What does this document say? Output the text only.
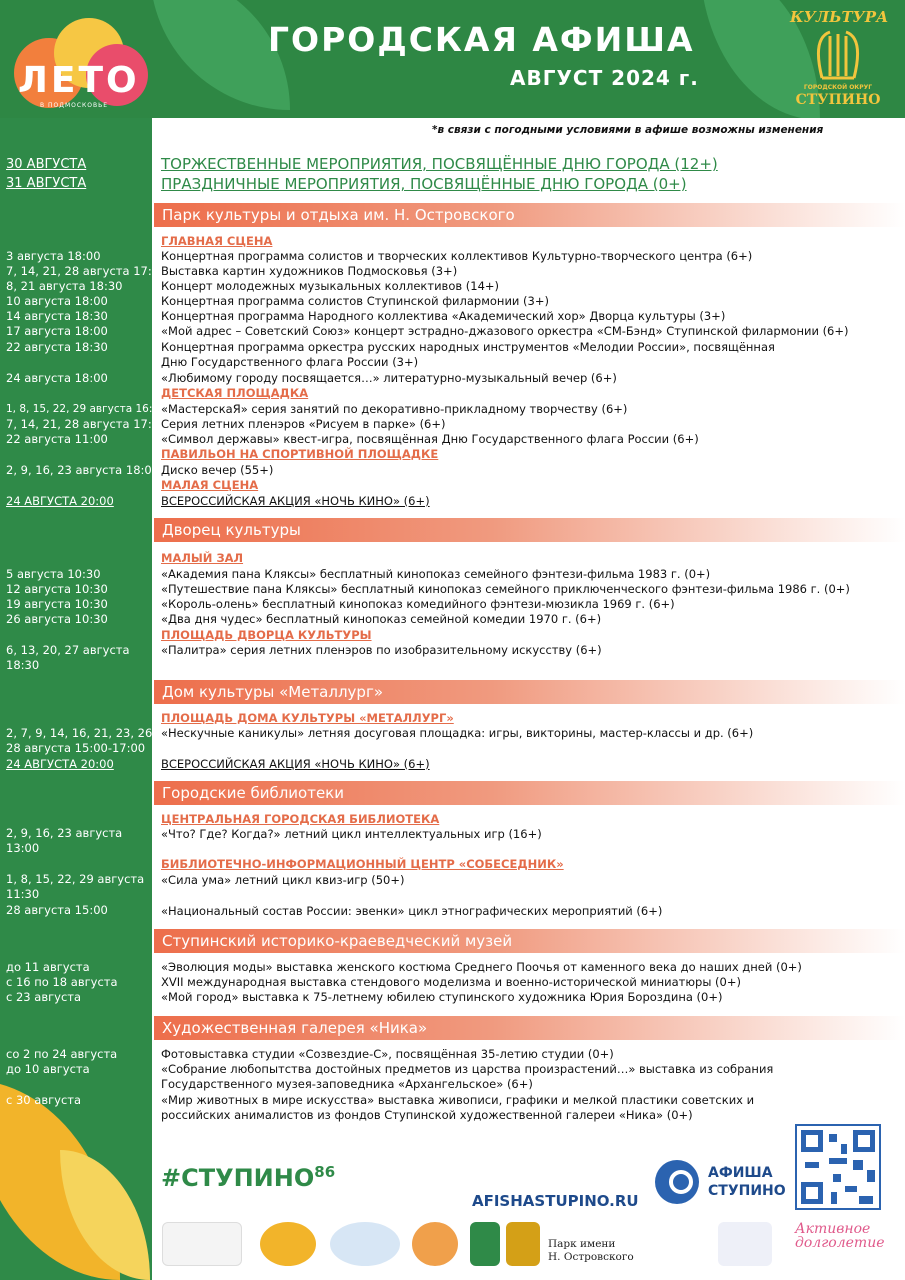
ЛЕТО
В ПОДМОСКОВЬЕ
ГОРОДСКАЯ АФИША
АВГУСТ 2024 г.
КУЛЬТУРА
ГОРОДСКОЙ ОКРУГ
СТУПИНО
*в связи с погодными условиями в афише возможны изменения
30 АВГУСТА
31 АВГУСТА
ТОРЖЕСТВЕННЫЕ МЕРОПРИЯТИЯ, ПОСВЯЩЁННЫЕ ДНЮ ГОРОДА (12+)
ПРАЗДНИЧНЫЕ МЕРОПРИЯТИЯ, ПОСВЯЩЁННЫЕ ДНЮ ГОРОДА (0+)
Парк культуры и отдыха им. Н. Островского
ГЛАВНАЯ СЦЕНА
3 августа 18:00
7, 14, 21, 28 августа 17:00
8, 21 августа 18:30
10 августа 18:00
14 августа 18:30
17 августа 18:00
22 августа 18:30
24 августа 18:00
1, 8, 15, 22, 29 августа 16:00
7, 14, 21, 28 августа 17:00
22 августа 11:00
2, 9, 16, 23 августа 18:00
24 АВГУСТА 20:00
Концертная программа солистов и творческих коллективов Культурно-творческого центра (6+)
Выставка картин художников Подмосковья (3+)
Концерт молодежных музыкальных коллективов (14+)
Концертная программа солистов Ступинской филармонии (3+)
Концертная программа Народного коллектива «Академический хор» Дворца культуры (3+)
«Мой адрес – Советский Союз» концерт эстрадно-джазового оркестра «СМ-Бэнд» Ступинской филармонии (6+)
Концертная программа оркестра русских народных инструментов «Мелодии России», посвящённая
Дню Государственного флага России (3+)
«Любимому городу посвящается…» литературно-музыкальный вечер (6+)
ДЕТСКАЯ ПЛОЩАДКА
«МастерскаЯ» серия занятий по декоративно-прикладному творчеству (6+)
Серия летних пленэров «Рисуем в парке» (6+)
«Символ державы» квест-игра, посвящённая Дню Государственного флага России (6+)
ПАВИЛЬОН НА СПОРТИВНОЙ ПЛОЩАДКЕ
Диско вечер (55+)
МАЛАЯ СЦЕНА
ВСЕРОССИЙСКАЯ АКЦИЯ «НОЧЬ КИНО» (6+)
Дворец культуры
МАЛЫЙ ЗАЛ
5 августа 10:30
12 августа 10:30
19 августа 10:30
26 августа 10:30
6, 13, 20, 27 августа
18:30
«Академия пана Кляксы» бесплатный кинопоказ семейного фэнтези-фильма 1983 г. (0+)
«Путешествие пана Кляксы» бесплатный кинопоказ семейного приключенческого фэнтези-фильма 1986 г. (0+)
«Король-олень» бесплатный кинопоказ комедийного фэнтези-мюзикла 1969 г. (6+)
«Два дня чудес» бесплатный кинопоказ семейной комедии 1970 г. (6+)
ПЛОЩАДЬ ДВОРЦА КУЛЬТУРЫ
«Палитра» серия летних пленэров по изобразительному искусству (6+)
Дом культуры «Металлург»
ПЛОЩАДЬ ДОМА КУЛЬТУРЫ «МЕТАЛЛУРГ»
2, 7, 9, 14, 16, 21, 23, 26,
28 августа 15:00-17:00
24 АВГУСТА 20:00
«Нескучные каникулы» летняя досуговая площадка: игры, викторины, мастер-классы и др. (6+)
ВСЕРОССИЙСКАЯ АКЦИЯ «НОЧЬ КИНО» (6+)
Городские библиотеки
ЦЕНТРАЛЬНАЯ ГОРОДСКАЯ БИБЛИОТЕКА
2, 9, 16, 23 августа
13:00
1, 8, 15, 22, 29 августа
11:30
28 августа 15:00
«Что? Где? Когда?» летний цикл интеллектуальных игр (16+)
БИБЛИОТЕЧНО-ИНФОРМАЦИОННЫЙ ЦЕНТР «СОБЕСЕДНИК»
«Сила ума» летний цикл квиз-игр (50+)
«Национальный состав России: эвенки» цикл этнографических мероприятий (6+)
Ступинский историко-краеведческий музей
до 11 августа
с 16 по 18 августа
с 23 августа
«Эволюция моды» выставка женского костюма Среднего Поочья от каменного века до наших дней (0+)
XVII международная выставка стендового моделизма и военно-исторической миниатюры (0+)
«Мой город» выставка к 75-летнему юбилею ступинского художника Юрия Бороздина (0+)
Художественная галерея «Ника»
со 2 по 24 августа
до 10 августа
с 30 августа
Фотовыставка студии «Созвездие-С», посвящённая 35-летию студии (0+)
«Собрание любопытства достойных предметов из царства произрастений…» выставка из собрания
Государственного музея-заповедника «Архангельское» (6+)
«Мир животных в мире искусства» выставка живописи, графики и мелкой пластики советских и
российских анималистов из фондов Ступинской художественной галереи «Ника» (0+)
#СТУПИНО$^{86}$
AFISHASTUPINO.RU
АФИША
СТУПИНО
Парк имени
Н. Островского
Активное
долголетие
